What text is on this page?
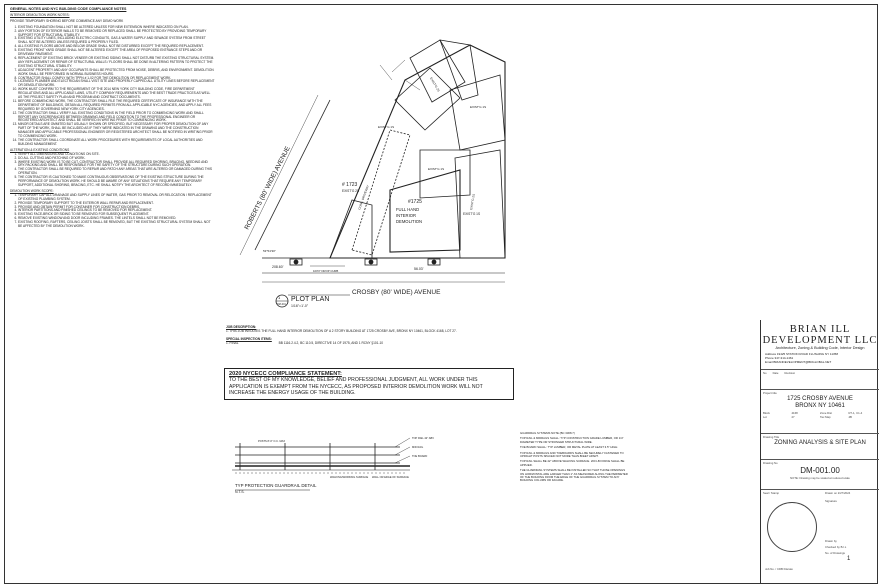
GENERAL NOTES AND NYC BUILDING CODE COMPLIANCE NOTES
INTERIOR DEMOLITION WORK NOTES:
PROVIDE TEMPORARY SHORING BEFORE COMMENCE ANY DEMO WORK
1. EXISTING FOUNDATION SHALL NOT BE ALTERED UNLESS FOR NEW EXTENSION WHERE INDICATED ON PLAN.
2. ANY PORTION OF EXTERIOR WALLS TO BE REMOVED OR REPLACED SHALL BE PROTECTED BY PROVIDING TEMPORARY SUPPORT FOR STRUCTURAL STABILITY.
3. EXISTING UTILITY LINES, INCLUDING ELECTRIC CONDUITS, GAS & WATER SUPPLY AND SEWAGE SYSTEM FROM STREET SHALL NOT BE ALTERED UNLESS REQUIRED & PROPERLY FILED.
4. ALL EXISTING FLOORS ABOVE AND BELOW GRADE SHALL NOT BE DISTURBED EXCEPT THE REQUIRED REPLACEMENT.
5. EXISTING FRONT YARD GRADE SHALL NOT BE ALTERED EXCEPT THE AREA OF PROPOSED ENTRANCE STEPS AND OR DRIVEWAY PAVEMENT.
6. REPLACEMENT OF EXISTING BRICK VENEER OR EXISTING SIDING SHALL NOT DISTURB THE EXISTING STRUCTURAL SYSTEM. ANY REPLACEMENT OR REPAIR OF STRUCTURAL WALLS / FLOORS SHALL BE DONE IN ALTERING PATTERN TO PROTECT THE EXISTING STRUCTURAL STABILITY.
7. ADJACENT PROPERTY AND ANY OCCUPANTS SHALL BE PROTECTED FROM NOISE, DEBRIS, AND ENVIRONMENT. DEMOLITION WORK SHALL BE PERFORMED IN NORMAL BUSINESS HOURS.
8. CONTRACTOR SHALL COMPLY WITH TPPN # 1-02 FOR THE DEMOLITION OR REPLACEMENT WORK.
9. LICENSED PLUMBER AND ELECTRICIAN SHALL VISIT SITE AND PROPERLY CAPPED ALL UTILITY LINES BEFORE REPLACEMENT OR DEMOLITION WORK.
10. WORK MUST CONFIRM TO THE REQUIREMENT OF THE 2014 NEW YORK CITY BUILDING CODE, FIRE DEPARTMENT REGULATIONS AND ALL APPLICABLE LAWS, UTILITY COMPANY REQUIREMENTS AND THE BEST TRADE PRACTICES AS WELL AS THE PROJECT SAFETY PLAN AND PROGRAM AND CONTRACT DOCUMENTS.
11. BEFORE COMMENCING WORK, THE CONTRACTOR SHALL FILE THE REQUIRED CERTIFICATE OF INSURANCE WITH THE DEPARTMENT OF BUILDINGS, OBTAIN ALL REQUIRED PERMITS FROM ALL APPLICABLE NYC AGENCIES, AND APPLY ALL FEES REQUIRED BY GOVERNING NEW YORK CITY AGENCIES.
12. THE CONTRACTOR SHALL VERIFY ALL EXISTING CONDITIONS IN THE FIELD PRIOR TO COMMENCING WORK AND SHALL REPORT ANY DISCREPANCIES BETWEEN DRAWING AND FIELD CONDITION TO THE PROFESSIONAL ENGINEER OR REGISTERED ARCHITECT AND SHALL BE VERIFIED IN WRITING PRIOR TO COMMENCING WORK.
13. MINOR DETAILS ARE OMMITED BUT USUALLY SHOWN OR SPECIFIED, BUT NECESSARY FOR PROPER DEMOLITION OF ANY PART OF THE WORK, SHALL BE INCLUDED AS IF THEY WERE INDICATED IN THE DRAWING AND THE CONSTRUCTION MANAGER AND APPLICABLE PROFESSIONAL ENGINEER OR REGISTERED ARCHITECT SHALL BE NOTIFIED IN WRITING PRIOR TO COMMENCING WORK.
14. THE CONTRACTOR SHALL COORDINATE ALL WORK PROCEDURES WITH REQUIREMENTS OF LOCAL AUTHORITIES AND BUILDING MANAGEMENT.
ALTERATION & EXISTING CONDITIONS
1. VERIFY ALL DIMENSIONS AND CONDITIONS ON SITE.
2. DO ALL CUTTING AND PATCHING OF WORK.
3. WHERE EXISTING WORK IS TO BE CUT, CONTRACTOR SHALL PROVIDE ALL REQUIRED SHORING, BRACING, NEEDING AND DRY-PACKING AND SHALL BE RESPONSIBLE FOR THE SAFETY OF THE STRUCTURE DURING SUCH OPERATION.
4. THE CONTRACTOR SHALL BE REQUIRED TO REPAIR AND PATCH ANY AREAS THAT ARE ALTERED OR DAMAGED DURING THIS OPERATION.
5. THE CONTRACTOR IS CAUTIONED TO MAKE CONTINUOUS OBSERVATIONS OF THE EXISTING STRUCTURE DURING THE PERFORMANCE OF DEMOLITION WORK. HE SHOULD BE AWARE OF ANY SITUATIONS THAT REQUIRE ANY TEMPORARY SUPPORT, ADDITIONAL SHORING, BRACING, ETC. HE SHALL NOTIFY THE ARCHITECT OF RECORD IMMEDIATELY.
DEMOLITION WORK SCOPE:
1. TEMPORARY CAP ALL DRAINAGE AND SUPPLY LINES OF WATER, GAS PRIOR TO REMOVAL OR RELOCATION / REPLACEMENT OF EXISTING PLUMBING SYSTEM.
2. PROVIDE TEMPORARY SUPPORT TO THE EXTERIOR WALL REPAIR AND REPLACEMENT.
3. PROVIDE AND OBTAIN PERMIT FOR CONTAINER FOR CONSTRUCTION DEBRIS.
4. INTERIOR PARTITIONS AND FINISHED CEILINGS TO BE REMOVED FOR REPLACEMENT.
5. EXISTING FACE-BRICK OR SIDING TO BE REMOVED FOR SUBSEQUENT PLACEMENT.
6. REMOVE EXISTING WINDOW AND DOOR INCLUDING FRAMES. THE LINTELS SHALL NOT BE REMOVED.
7. EXISTING ROOFING, RAFTERS, CEILING JOISTS SHALL BE REMOVED, BUT THE EXISTING STRUCTURAL SYSTEM SHALL NOT BE AFFECTED BY THE DEMOLITION WORK.	ROBERTS (80' WIDE) AVENUE
CROSBY (80' WIDE) AVENUE
# 1723
EXIST'G 2S
#1725
FULL HAND
INTERIOR
DEMOLITION
EXIST'G 1S
208.60'	56.03'
53°54'30"
100'0" DROP CURB
CONC. DRIVEWAY
EXIST'G 1S
EXIST'G 2S
EXIST'G 1S
EXIST'G 1S
EXIST'G 2S
1
DM-001
PLOT PLAN
1/16"=1'-0"
TYP PROTECTION GUARDRAIL DETAIL
N.T.S.
TOP RAIL 42" ABV
MID RAIL
TOE BOARD
WALKING/WORKING SURFACE WALL OR EDGE OF SURFACE
POSTS 8'-0" O.C. MAX
JOB DESCRIPTION:
1. THIS JOB INVOLVES THE FULL HAND INTERIOR DEMOLITION OF A 2 STORY BUILDING AT 1725 CROSBY AVE, BRONX NY 10461, BLOCK 4168, LOT 27.
SPECIAL INSPECTION ITEMS:
1. FINAL	BB 1116.2.4.2, BC 110.5, DIRECTIVE 14 OF 1975, AND 1 RCNY §101-10
2020 NYCECC COMPLIANCE STATEMENT:
TO THE BEST OF MY KNOWLEDGE, BELIEF AND PROFESSIONAL JUDGMENT, ALL WORK UNDER THIS APPLICATION IS EXEMPT FROM THE NYCECC, AS PROPOSED INTERIOR DEMOLITION WORK WILL NOT INCREASE THE ENERGY USAGE OF THE BUILDING.
GUARDRAIL SYSTEMS NOTE (BC 3308.7)
TOP RAIL & MIDRAILS SHALL: TYP CONSTRUCTION GRADE LUMBER, OR 1/4" DIAMETER TYPE OR STRONGER STRUCTURAL WIRE.
TOE BOARD SHALL: TYP LUMBER, OR METAL PLATE AT LEAST 3.5" HIGH.
TOP RAIL & MIDRAILS AND TOEBOARDS SHALL BE SECURELY FASTENED TO UPRIGHT POSTS SPACED NOT MORE THAN 8FEET APART.
TOP RAIL SHALL BE 42" ABOVE WALKING SURFACE. 200 LB FORCE SHALL BE APPLIED.
THE GUARDRAIL SYSTEMS SHALL BE INSTALLED SO THAT THOSE OPENINGS ON HORIZONTAL ARE LARGER THAN 1" AS MEASURED ALONG THE PERIMETER OF THE BUILDING FROM THE EDGE OF THE GUARDRAIL SYSTEM TO ANY BUILDING COLUMN OR FACADE.
BRIAN ILL DEVELOPMENT LLC
Architecture, Zoning & Building Code, Interior Design
Address 19425 STATION ROAD FLUSHING NY 11358
Phone 347-314-1461
Email BRIANDEVELOPMENT@BDGLOBAL.NET
No Date Revision
Project title
1725 CROSBY AVENUE
BRONX NY 10461
Block	4168	Zone Dist	R7-1, C1-4
Lot	27	Tax Map	4B
Drawing Title
ZONING ANALYSIS & SITE PLAN
Drawing No
DM-001.00
NOTE: Drawing may be scaled at reduced scale
Seal / Stamp	Drawn on 2/27/2024
Signature
Drawn by
Checked by B.I.L
No. of Drawings
1
Job No. / CDB Filerato
